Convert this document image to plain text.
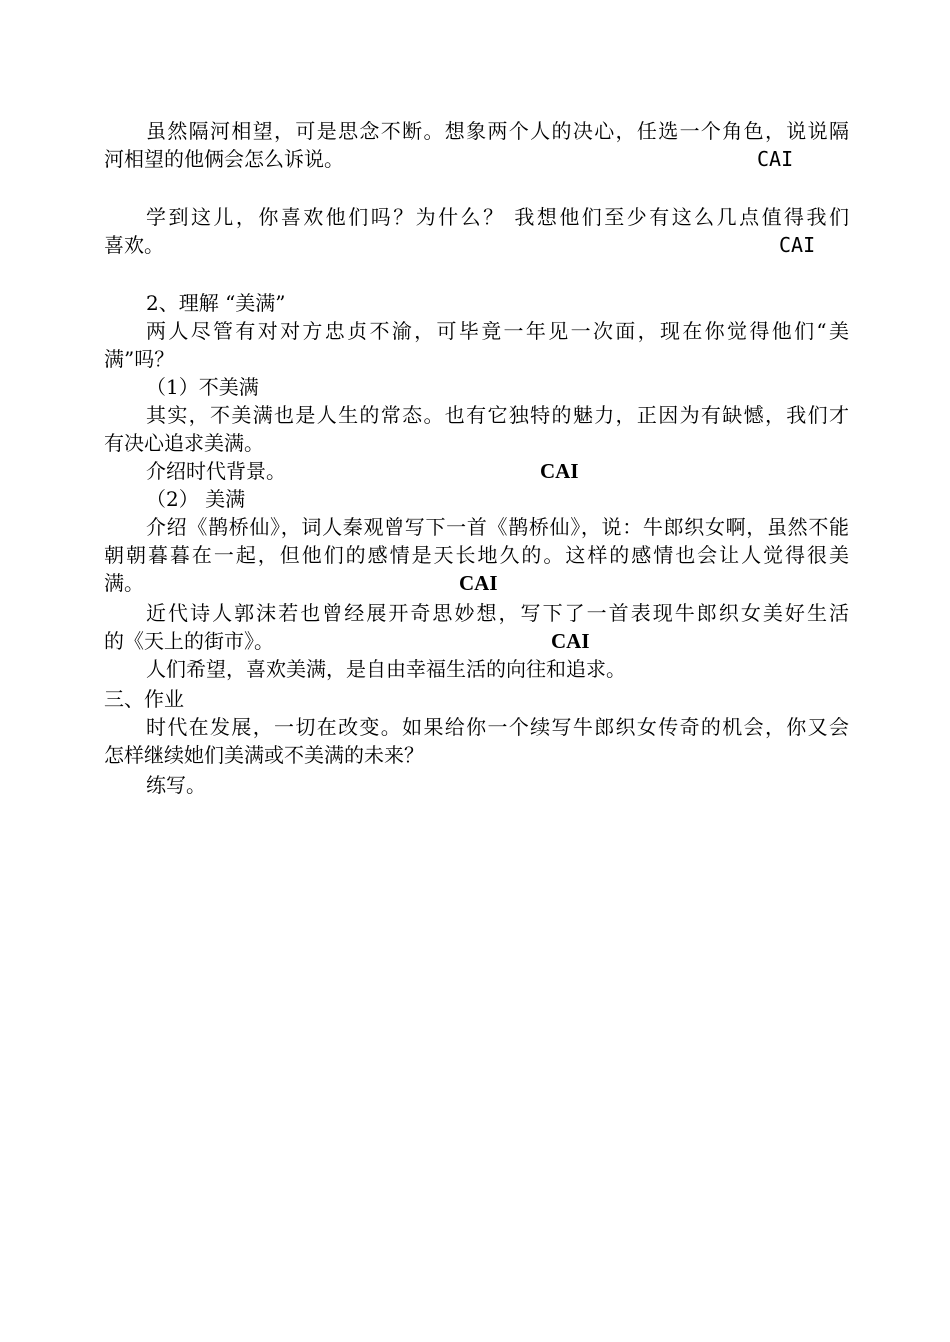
虽然隔河相望，可是思念不断。想象两个人的决心，任选一个角色，说说隔
河相望的他俩会怎么诉说。	CAI
学到这儿，你喜欢他们吗？为什么？ 我想他们至少有这么几点值得我们
喜欢。	CAI
2、理解 “美满”
两人尽管有对对方忠贞不渝，可毕竟一年见一次面，现在你觉得他们“美
满”吗？
（1）不美满
其实，不美满也是人生的常态。也有它独特的魅力，正因为有缺憾，我们才
有决心追求美满。
介绍时代背景。	CAI
（2） 美满
介绍《鹊桥仙》，词人秦观曾写下一首《鹊桥仙》，说：牛郎织女啊，虽然不能
朝朝暮暮在一起，但他们的感情是天长地久的。这样的感情也会让人觉得很美
满。	CAI
近代诗人郭沫若也曾经展开奇思妙想，写下了一首表现牛郎织女美好生活
的《天上的街市》。	CAI
人们希望，喜欢美满，是自由幸福生活的向往和追求。
三、作业
时代在发展，一切在改变。如果给你一个续写牛郎织女传奇的机会，你又会
怎样继续她们美满或不美满的未来？
练写。
